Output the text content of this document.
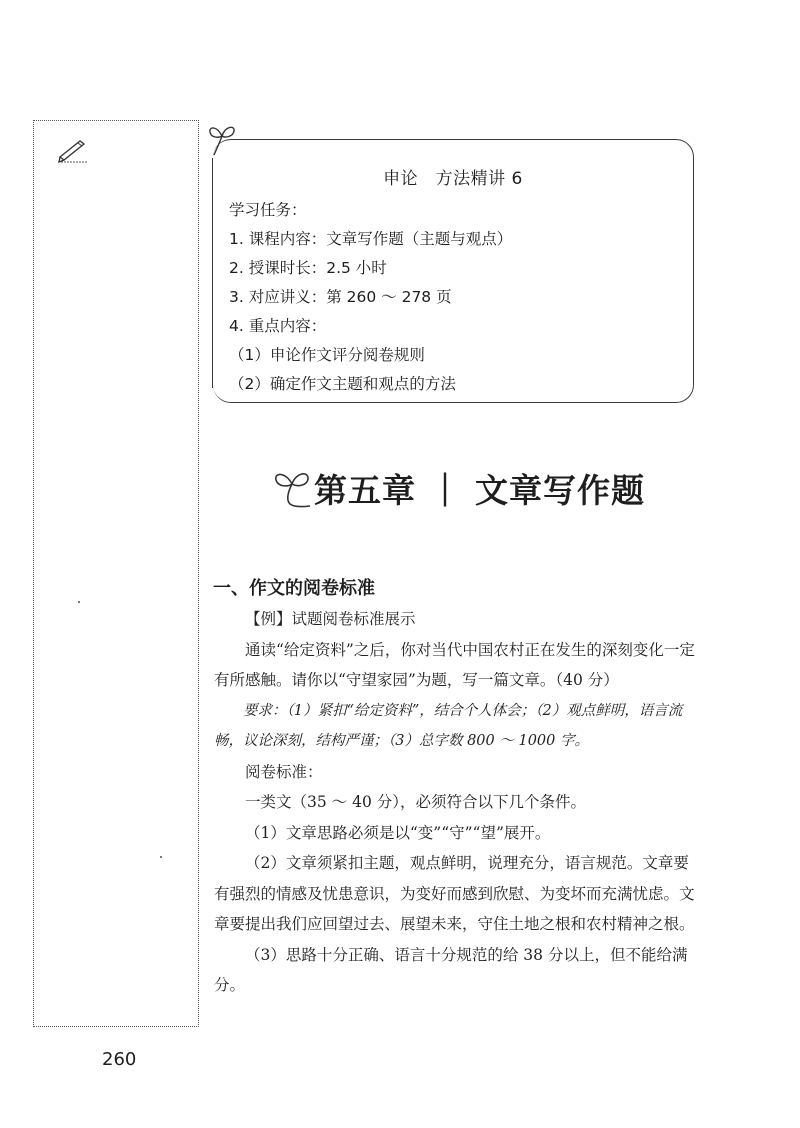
申论　方法精讲 6
学习任务：
1. 课程内容：文章写作题（主题与观点）
2. 授课时长：2.5 小时
3. 对应讲义：第 260 ～ 278 页
4. 重点内容：
（1）申论作文评分阅卷规则
（2）确定作文主题和观点的方法
第五章 ｜ 文章写作题
一、作文的阅卷标准

【例】试题阅卷标准展示

通读“给定资料”之后，你对当代中国农村正在发生的深刻变化一定有所感触。请你以“守望家园”为题，写一篇文章。（40 分）

要求：（1）紧扣“给定资料”，结合个人体会；（2）观点鲜明，语言流畅，议论深刻，结构严谨；（3）总字数 800 ～ 1000 字。

阅卷标准：

一类文（35 ～ 40 分），必须符合以下几个条件。

（1）文章思路必须是以“变”“守”“望”展开。

（2）文章须紧扣主题，观点鲜明，说理充分，语言规范。文章要有强烈的情感及忧患意识，为变好而感到欣慰、为变坏而充满忧虑。文章要提出我们应回望过去、展望未来，守住土地之根和农村精神之根。

（3）思路十分正确、语言十分规范的给 38 分以上，但不能给满分。

260
